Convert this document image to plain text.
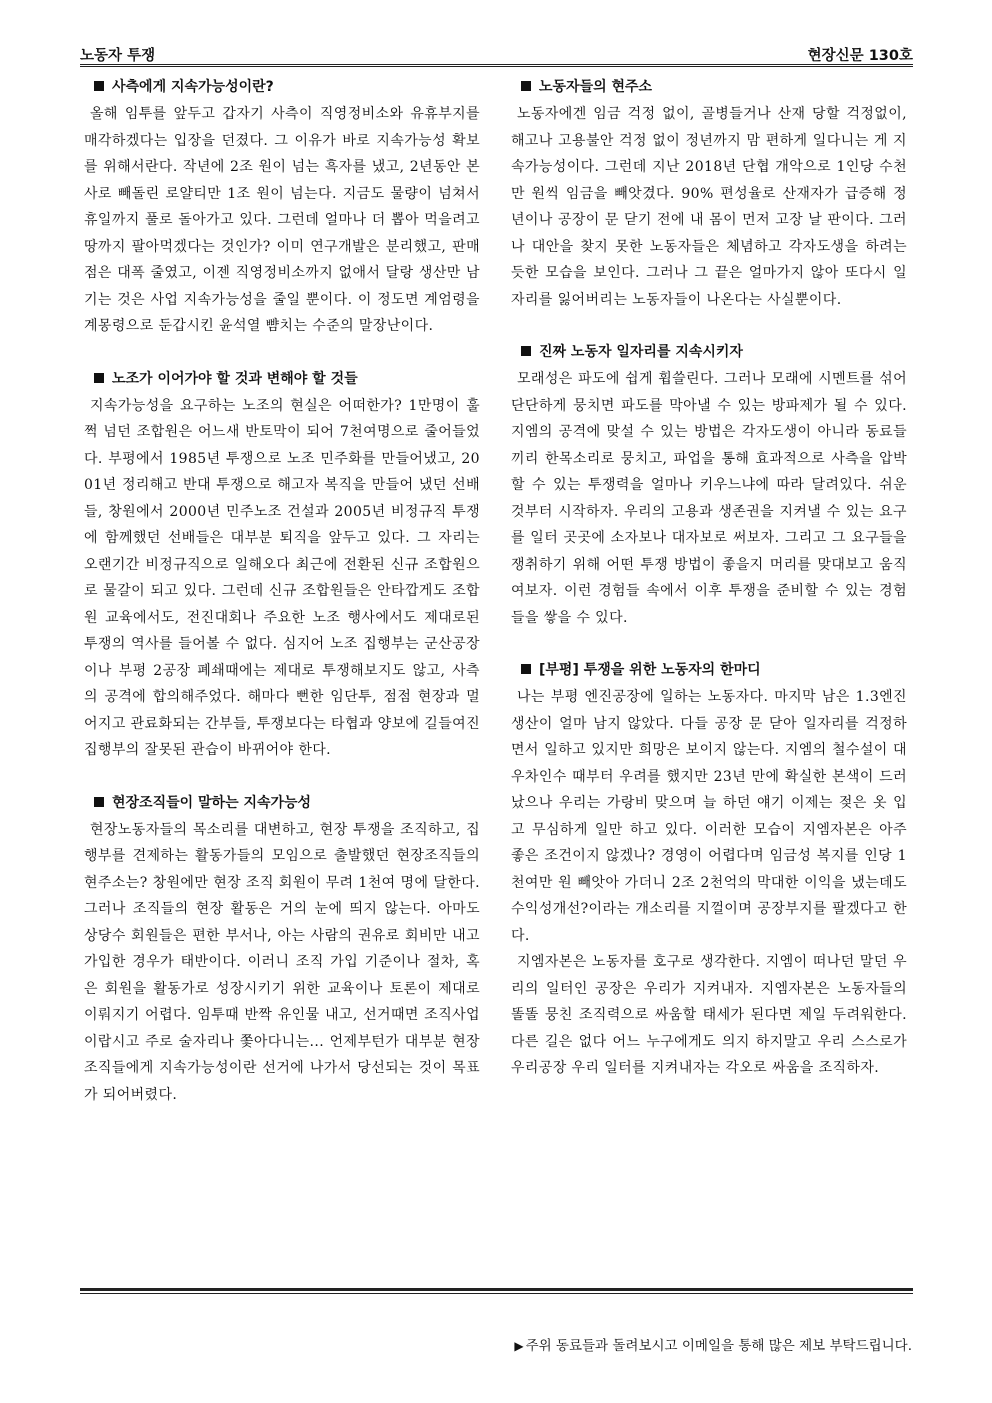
노동자 투쟁	현장신문 130호
사측에게 지속가능성이란?

올해 임투를 앞두고 갑자기 사측이 직영정비소와 유휴부지를 매각하겠다는 입장을 던졌다. 그 이유가 바로 지속가능성 확보를 위해서란다. 작년에 2조 원이 넘는 흑자를 냈고, 2년동안 본사로 빼돌린 로얄티만 1조 원이 넘는다. 지금도 물량이 넘쳐서 휴일까지 풀로 돌아가고 있다. 그런데 얼마나 더 뽑아 먹을려고 땅까지 팔아먹겠다는 것인가? 이미 연구개발은 분리했고, 판매점은 대폭 줄였고, 이젠 직영정비소까지 없애서 달랑 생산만 남기는 것은 사업 지속가능성을 줄일 뿐이다. 이 정도면 계엄령을 계몽령으로 둔갑시킨 윤석열 뺨치는 수준의 말장난이다.

노조가 이어가야 할 것과 변해야 할 것들

지속가능성을 요구하는 노조의 현실은 어떠한가? 1만명이 훌쩍 넘던 조합원은 어느새 반토막이 되어 7천여명으로 줄어들었다. 부평에서 1985년 투쟁으로 노조 민주화를 만들어냈고, 2001년 정리해고 반대 투쟁으로 해고자 복직을 만들어 냈던 선배들, 창원에서 2000년 민주노조 건설과 2005년 비정규직 투쟁에 함께했던 선배들은 대부분 퇴직을 앞두고 있다. 그 자리는 오랜기간 비정규직으로 일해오다 최근에 전환된 신규 조합원으로 물갈이 되고 있다. 그런데 신규 조합원들은 안타깝게도 조합원 교육에서도, 전진대회나 주요한 노조 행사에서도 제대로된 투쟁의 역사를 들어볼 수 없다. 심지어 노조 집행부는 군산공장이나 부평 2공장 폐쇄때에는 제대로 투쟁해보지도 않고, 사측의 공격에 합의해주었다. 해마다 뻔한 임단투, 점점 현장과 멀어지고 관료화되는 간부들, 투쟁보다는 타협과 양보에 길들여진 집행부의 잘못된 관습이 바뀌어야 한다.

현장조직들이 말하는 지속가능성

현장노동자들의 목소리를 대변하고, 현장 투쟁을 조직하고, 집행부를 견제하는 활동가들의 모임으로 출발했던 현장조직들의 현주소는? 창원에만 현장 조직 회원이 무려 1천여 명에 달한다. 그러나 조직들의 현장 활동은 거의 눈에 띄지 않는다. 아마도 상당수 회원들은 편한 부서나, 아는 사람의 권유로 회비만 내고 가입한 경우가 태반이다. 이러니 조직 가입 기준이나 절차, 혹은 회원을 활동가로 성장시키기 위한 교육이나 토론이 제대로 이뤄지기 어렵다. 임투때 반짝 유인물 내고, 선거때면 조직사업이랍시고 주로 술자리나 쫓아다니는... 언제부턴가 대부분 현장조직들에게 지속가능성이란 선거에 나가서 당선되는 것이 목표가 되어버렸다.

노동자들의 현주소

노동자에겐 임금 걱정 없이, 골병들거나 산재 당할 걱정없이, 해고나 고용불안 걱정 없이 정년까지 맘 편하게 일다니는 게 지속가능성이다. 그런데 지난 2018년 단협 개악으로 1인당 수천만 원씩 임금을 빼앗겼다. 90% 편성율로 산재자가 급증해 정년이나 공장이 문 닫기 전에 내 몸이 먼저 고장 날 판이다. 그러나 대안을 찾지 못한 노동자들은 체념하고 각자도생을 하려는 듯한 모습을 보인다. 그러나 그 끝은 얼마가지 않아 또다시 일자리를 잃어버리는 노동자들이 나온다는 사실뿐이다.

진짜 노동자 일자리를 지속시키자

모래성은 파도에 쉽게 휩쓸린다. 그러나 모래에 시멘트를 섞어 단단하게 뭉치면 파도를 막아낼 수 있는 방파제가 될 수 있다. 지엠의 공격에 맞설 수 있는 방법은 각자도생이 아니라 동료들끼리 한목소리로 뭉치고, 파업을 통해 효과적으로 사측을 압박할 수 있는 투쟁력을 얼마나 키우느냐에 따라 달려있다. 쉬운 것부터 시작하자. 우리의 고용과 생존권을 지켜낼 수 있는 요구를 일터 곳곳에 소자보나 대자보로 써보자. 그리고 그 요구들을 쟁취하기 위해 어떤 투쟁 방법이 좋을지 머리를 맞대보고 움직여보자. 이런 경험들 속에서 이후 투쟁을 준비할 수 있는 경험들을 쌓을 수 있다.

[부평] 투쟁을 위한 노동자의 한마디

나는 부평 엔진공장에 일하는 노동자다. 마지막 남은 1.3엔진 생산이 얼마 남지 않았다. 다들 공장 문 닫아 일자리를 걱정하면서 일하고 있지만 희망은 보이지 않는다. 지엠의 철수설이 대우차인수 때부터 우려를 했지만 23년 만에 확실한 본색이 드러났으나 우리는 가랑비 맞으며 늘 하던 얘기 이제는 젖은 옷 입고 무심하게 일만 하고 있다. 이러한 모습이 지엠자본은 아주 좋은 조건이지 않겠나? 경영이 어렵다며 임금성 복지를 인당 1천여만 원 빼앗아 가더니 2조 2천억의 막대한 이익을 냈는데도 수익성개선?이라는 개소리를 지껄이며 공장부지를 팔겠다고 한다.

지엠자본은 노동자를 호구로 생각한다. 지엠이 떠나던 말던 우리의 일터인 공장은 우리가 지켜내자. 지엠자본은 노동자들의 똘똘 뭉친 조직력으로 싸움할 태세가 된다면 제일 두려워한다. 다른 길은 없다 어느 누구에게도 의지 하지말고 우리 스스로가 우리공장 우리 일터를 지켜내자는 각오로 싸움을 조직하자.

▶ 주위 동료들과 돌려보시고 이메일을 통해 많은 제보 부탁드립니다.
